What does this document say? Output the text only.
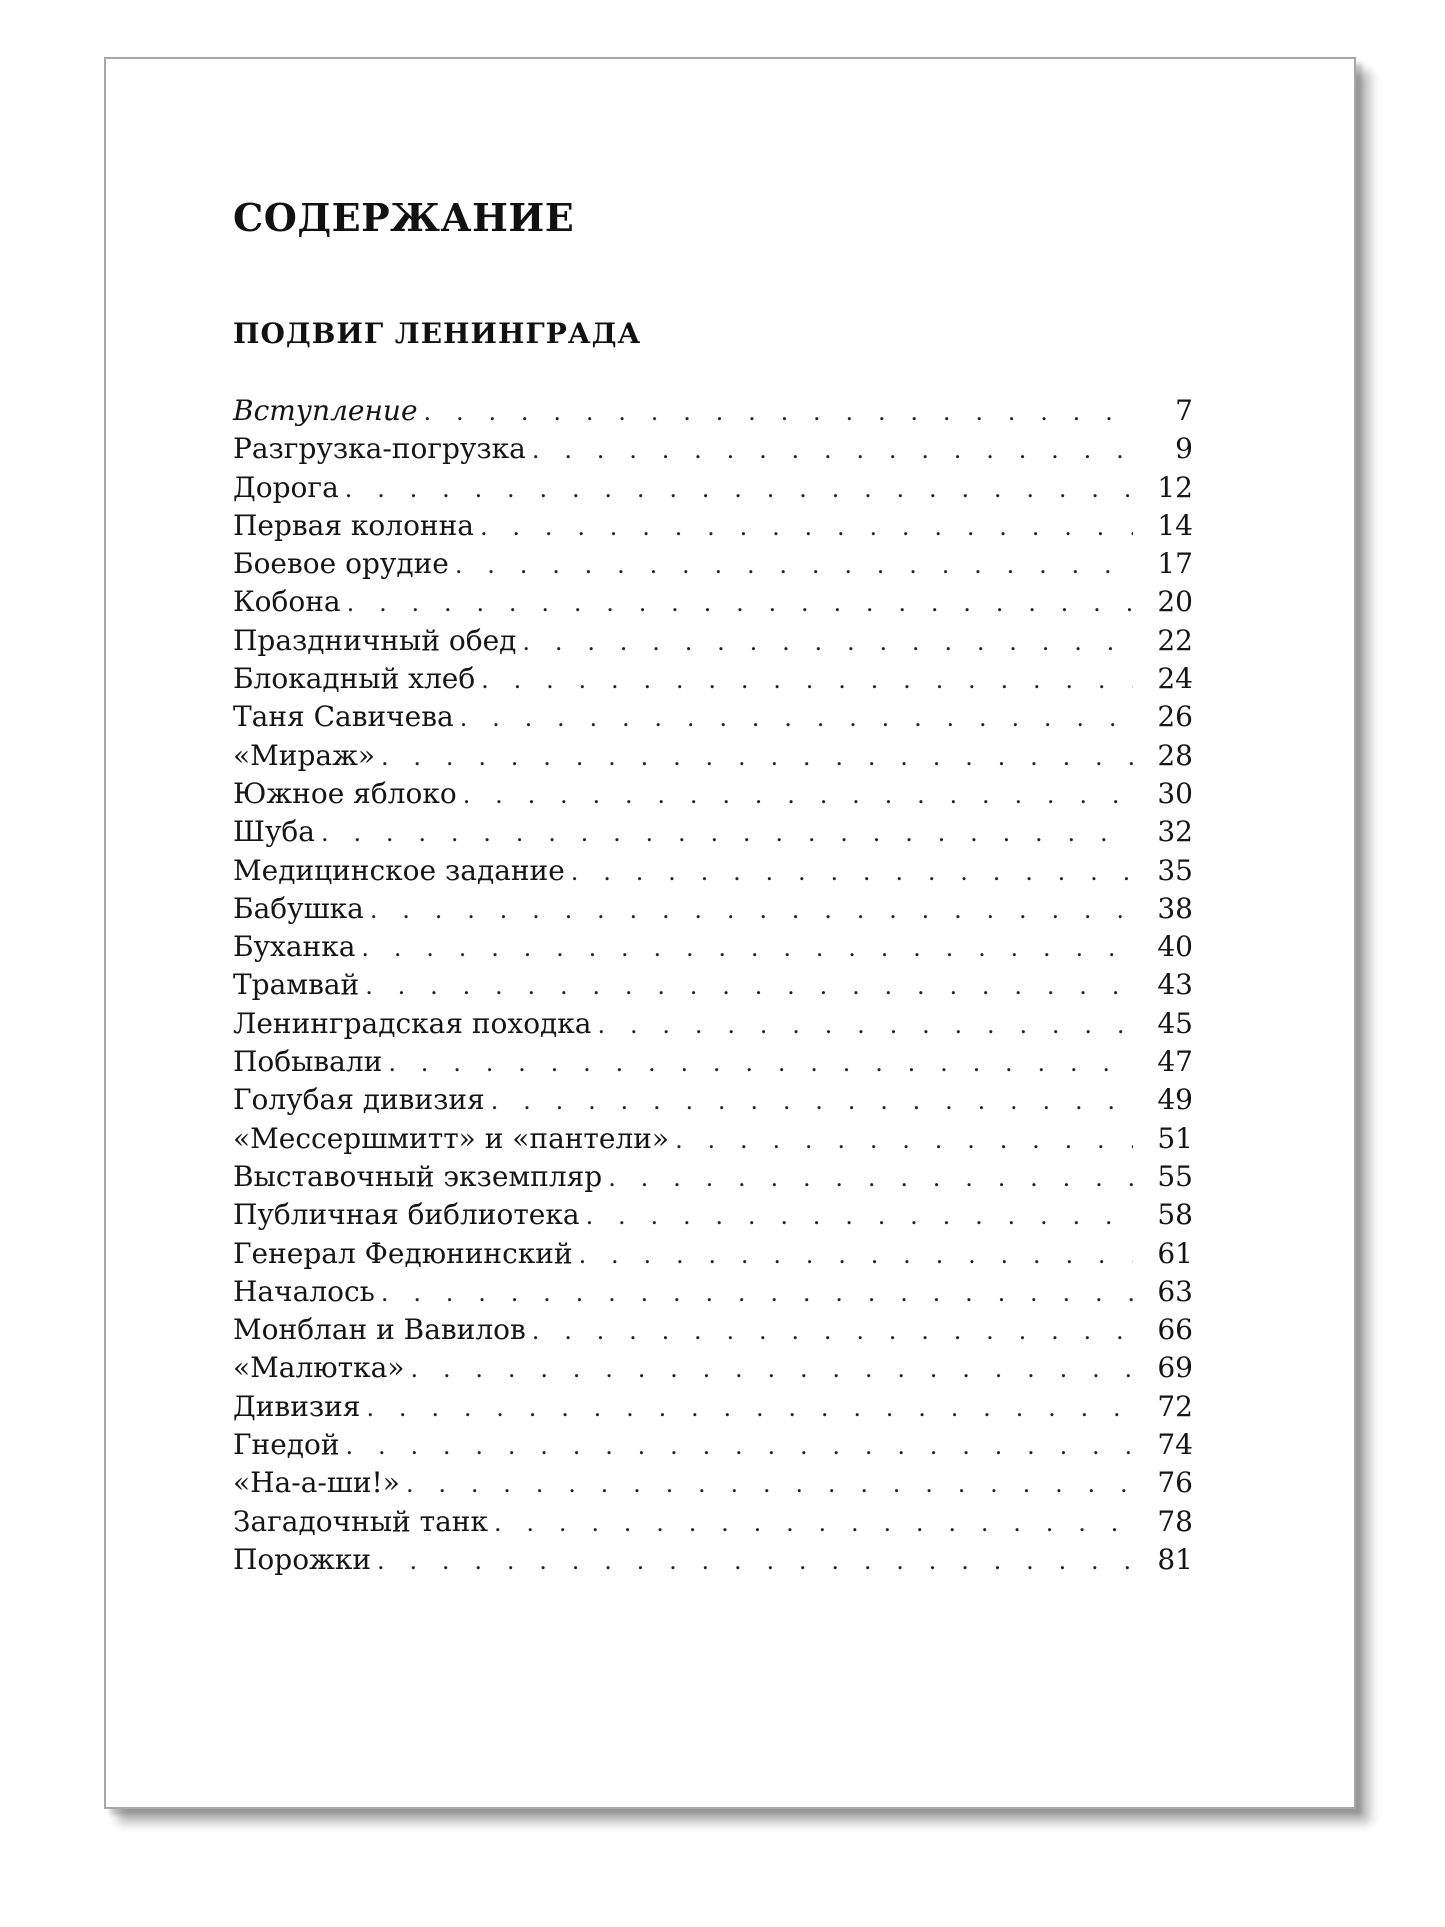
СОДЕРЖАНИЕ
ПОДВИГ ЛЕНИНГРАДА
Вступление . . .	7
Разгрузка-погрузка . . .	9
Дорога . . .	12
Первая колонна . . .	14
Боевое орудие . . .	17
Кобона . . .	20
Праздничный обед . . .	22
Блокадный хлеб . . .	24
Таня Савичева . . .	26
«Мираж» . . .	28
Южное яблоко . . .	30
Шуба . . .	32
Медицинское задание . . .	35
Бабушка . . .	38
Буханка . . .	40
Трамвай . . .	43
Ленинградская походка . . .	45
Побывали . . .	47
Голубая дивизия . . .	49
«Мессершмитт» и «пантели» . . .	51
Выставочный экземпляр . . .	55
Публичная библиотека . . .	58
Генерал Федюнинский . . .	61
Началось . . .	63
Монблан и Вавилов . . .	66
«Малютка» . . .	69
Дивизия . . .	72
Гнедой . . .	74
«На-а-ши!» . . .	76
Загадочный танк . . .	78
Порожки . . .	81
